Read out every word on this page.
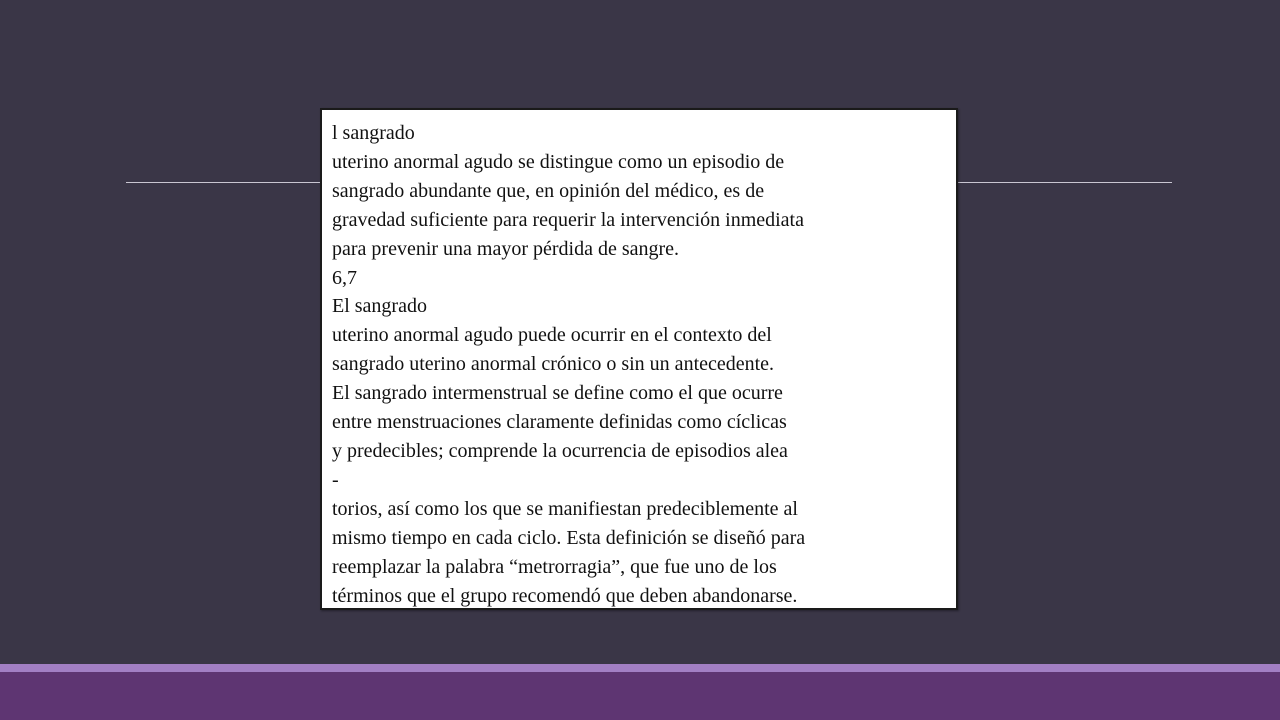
l sangrado
uterino anormal agudo se distingue como un episodio de
sangrado abundante que, en opinión del médico, es de
gravedad suficiente para requerir la intervención inmediata
para prevenir una mayor pérdida de sangre.
6,7
El sangrado
uterino anormal agudo puede ocurrir en el contexto del
sangrado uterino anormal crónico o sin un antecedente.
El sangrado intermenstrual se define como el que ocurre
entre menstruaciones claramente definidas como cíclicas
y predecibles; comprende la ocurrencia de episodios alea
-
torios, así como los que se manifiestan predeciblemente al
mismo tiempo en cada ciclo. Esta definición se diseñó para
reemplazar la palabra “metrorragia”, que fue uno de los
términos que el grupo recomendó que deben abandonarse.
